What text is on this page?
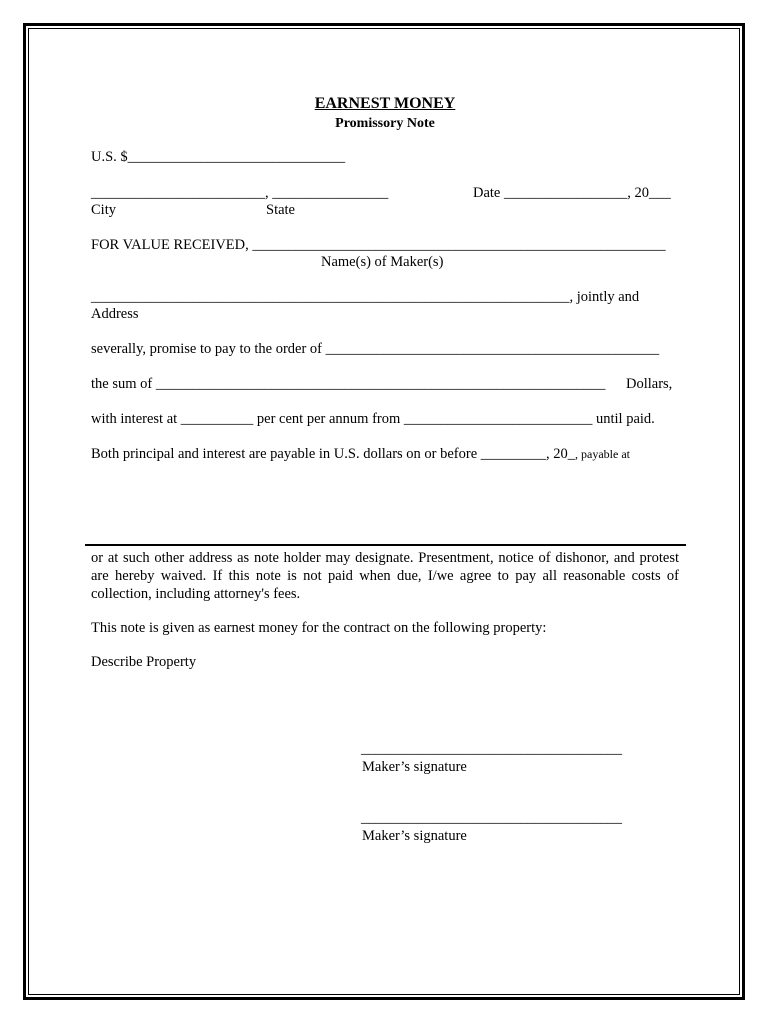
EARNEST MONEY
Promissory Note
U.S. $______________________________
________________________, ________________	Date _________________, 20___
City	State
FOR VALUE RECEIVED, _________________________________________________________
Name(s) of Maker(s)
__________________________________________________________________, jointly and
Address
severally, promise to pay to the order of ______________________________________________
the sum of ______________________________________________________________ Dollars,
with interest at __________ per cent per annum from __________________________ until paid.
Both principal and interest are payable in U.S. dollars on or before _________, 20_, payable at
or at such other address as note holder may designate. Presentment, notice of dishonor, and protest are hereby waived. If this note is not paid when due, I/we agree to pay all reasonable costs of collection, including attorney's fees.
This note is given as earnest money for the contract on the following property:
Describe Property
____________________________________
Maker’s signature
____________________________________
Maker’s signature
